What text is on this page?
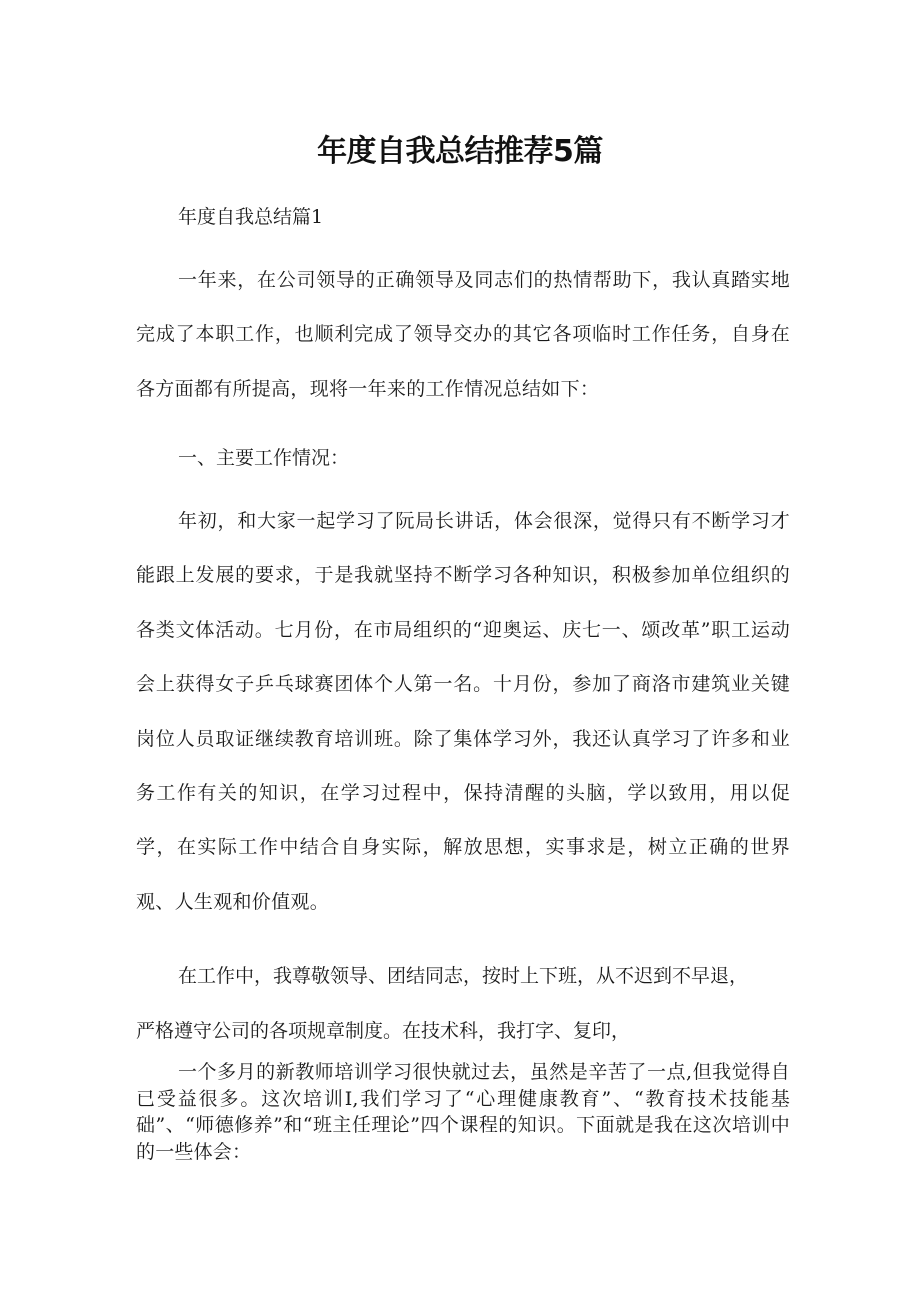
年度自我总结推荐5篇

年度自我总结篇1

一年来，在公司领导的正确领导及同志们的热情帮助下，我认真踏实地完成了本职工作，也顺利完成了领导交办的其它各项临时工作任务，自身在各方面都有所提高，现将一年来的工作情况总结如下：

一、主要工作情况：

年初，和大家一起学习了阮局长讲话，体会很深，觉得只有不断学习才能跟上发展的要求，于是我就坚持不断学习各种知识，积极参加单位组织的各类文体活动。七月份，在市局组织的“迎奥运、庆七一、颂改革”职工运动会上获得女子乒乓球赛团体个人第一名。十月份，参加了商洛市建筑业关键岗位人员取证继续教育培训班。除了集体学习外，我还认真学习了许多和业务工作有关的知识，在学习过程中，保持清醒的头脑，学以致用，用以促学，在实际工作中结合自身实际，解放思想，实事求是，树立正确的世界观、人生观和价值观。

在工作中，我尊敬领导、团结同志，按时上下班，从不迟到不早退，

严格遵守公司的各项规章制度。在技术科，我打字、复印，

一个多月的新教师培训学习很快就过去，虽然是辛苦了一点,但我觉得自已受益很多。这次培训I,我们学习了“心理健康教育”、“教育技术技能基础”、“师德修养”和“班主任理论”四个课程的知识。下面就是我在这次培训中的一些体会：
